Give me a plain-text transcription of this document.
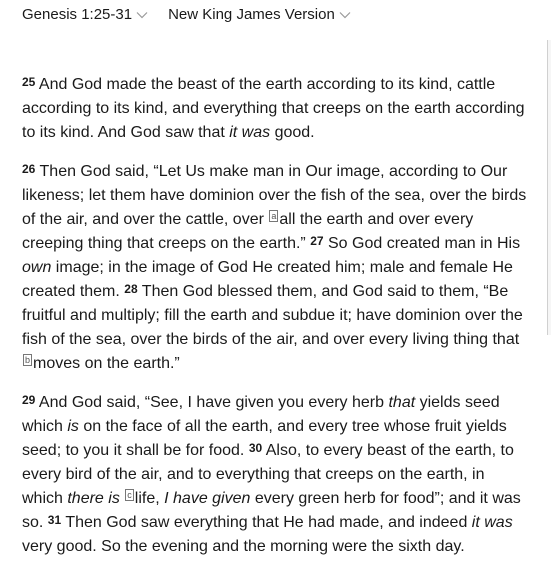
Genesis 1:25-31 New King James Version

25 And God made the beast of the earth according to its kind, cattle according to its kind, and everything that creeps on the earth according to its kind. And God saw that it was good.

26 Then God said, “Let Us make man in Our image, according to Our likeness; let them have dominion over the fish of the sea, over the birds of the air, and over the cattle, over a all the earth and over every creeping thing that creeps on the earth.” 27 So God created man in His own image; in the image of God He created him; male and female He created them. 28 Then God blessed them, and God said to them, “Be fruitful and multiply; fill the earth and subdue it; have dominion over the fish of the sea, over the birds of the air, and over every living thing that b moves on the earth.”

29 And God said, “See, I have given you every herb that yields seed which is on the face of all the earth, and every tree whose fruit yields seed; to you it shall be for food. 30 Also, to every beast of the earth, to every bird of the air, and to everything that creeps on the earth, in which there is c life, I have given every green herb for food”; and it was so. 31 Then God saw everything that He had made, and indeed it was very good. So the evening and the morning were the sixth day.
